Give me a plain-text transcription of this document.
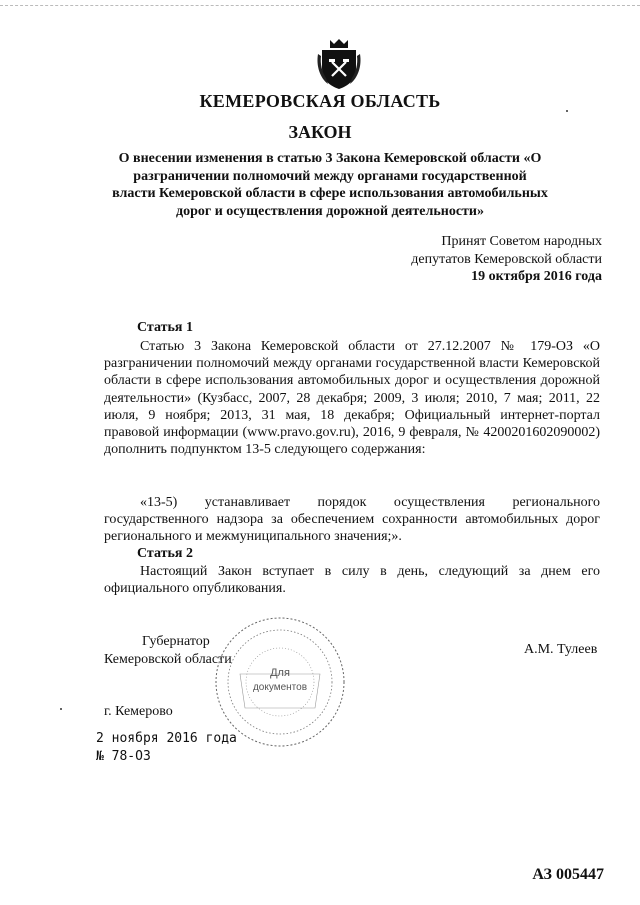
КЕМЕРОВСКАЯ ОБЛАСТЬ
ЗАКОН
О внесении изменения в статью 3 Закона Кемеровской области «О разграничении полномочий между органами государственной власти Кемеровской области в сфере использования автомобильных дорог и осуществления дорожной деятельности»
Принят Советом народных
депутатов Кемеровской области
19 октября 2016 года
Статья 1
Статью 3 Закона Кемеровской области от 27.12.2007 № 179-ОЗ «О разграничении полномочий между органами государственной власти Кемеровской области в сфере использования автомобильных дорог и осуществления дорожной деятельности» (Кузбасс, 2007, 28 декабря; 2009, 3 июля; 2010, 7 мая; 2011, 22 июля, 9 ноября; 2013, 31 мая, 18 декабря; Официальный интернет-портал правовой информации (www.pravo.gov.ru), 2016, 9 февраля, № 4200201602090002) дополнить подпунктом 13-5 следующего содержания:
«13-5) устанавливает порядок осуществления регионального государственного надзора за обеспечением сохранности автомобильных дорог регионального и межмуниципального значения;».
Статья 2
Настоящий Закон вступает в силу в день, следующий за днем его официального опубликования.
Губернатор
Кемеровской области
А.М. Тулеев
Для
документов
г. Кемерово
2 ноября 2016 года
№ 78-ОЗ
АЗ 005447
